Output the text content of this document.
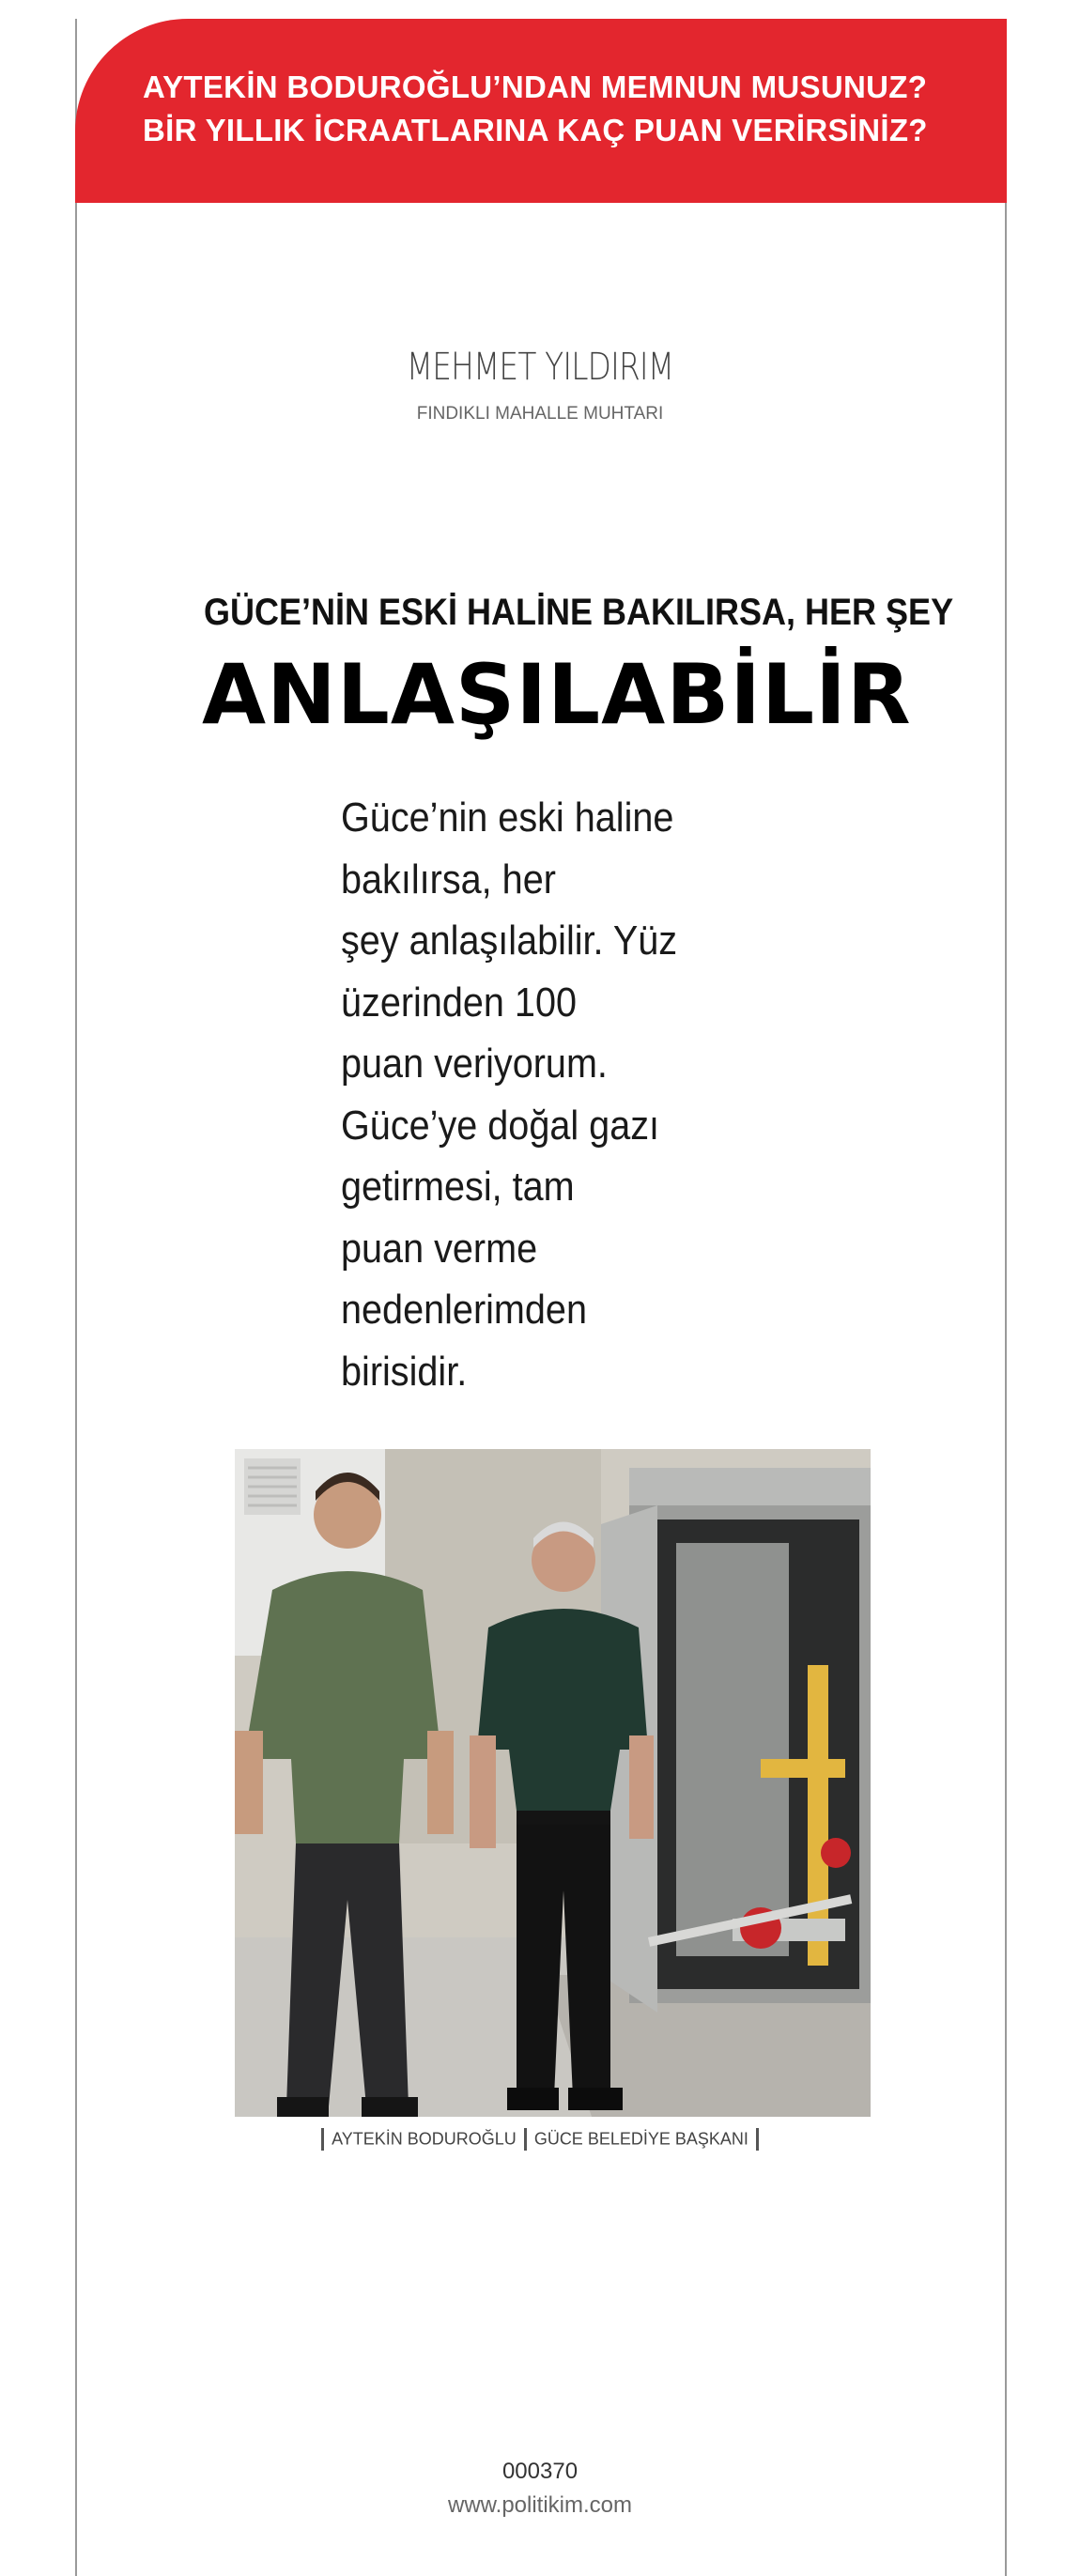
AYTEKİN BODUROĞLU’NDAN MEMNUN MUSUNUZ?
BİR YILLIK İCRAATLARINA KAÇ PUAN VERİRSİNİZ?
MEHMET YILDIRIM
FINDIKLI MAHALLE MUHTARI
GÜCE’NİN ESKİ HALİNE BAKILIRSA, HER ŞEY
ANLAŞILABİLİR
Güce’nin eski haline
bakılırsa, her
şey anlaşılabilir. Yüz
üzerinden 100
puan veriyorum.
Güce’ye doğal gazı
getirmesi, tam
puan verme
nedenlerimden
birisidir.
AYTEKİN BODUROĞLU GÜCE BELEDİYE BAŞKANI
000370
www.politikim.com
